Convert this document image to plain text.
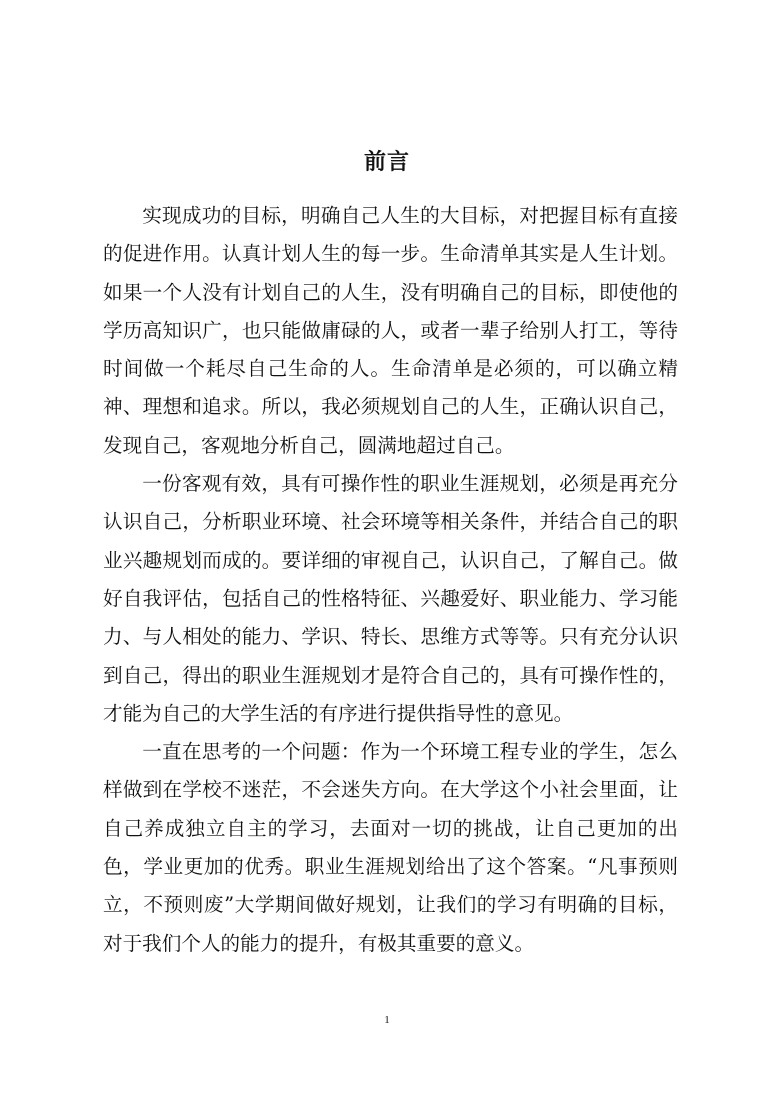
前言

实现成功的目标，明确自己人生的大目标，对把握目标有直接的促进作用。认真计划人生的每一步。生命清单其实是人生计划。如果一个人没有计划自己的人生，没有明确自己的目标，即使他的学历高知识广，也只能做庸碌的人，或者一辈子给别人打工，等待时间做一个耗尽自己生命的人。生命清单是必须的，可以确立精神、理想和追求。所以，我必须规划自己的人生，正确认识自己，发现自己，客观地分析自己，圆满地超过自己。

一份客观有效，具有可操作性的职业生涯规划，必须是再充分认识自己，分析职业环境、社会环境等相关条件，并结合自己的职业兴趣规划而成的。要详细的审视自己，认识自己，了解自己。做好自我评估，包括自己的性格特征、兴趣爱好、职业能力、学习能力、与人相处的能力、学识、特长、思维方式等等。只有充分认识到自己，得出的职业生涯规划才是符合自己的，具有可操作性的，才能为自己的大学生活的有序进行提供指导性的意见。

一直在思考的一个问题：作为一个环境工程专业的学生，怎么样做到在学校不迷茫，不会迷失方向。在大学这个小社会里面，让自己养成独立自主的学习，去面对一切的挑战，让自己更加的出色，学业更加的优秀。职业生涯规划给出了这个答案。“凡事预则立，不预则废”大学期间做好规划，让我们的学习有明确的目标，对于我们个人的能力的提升，有极其重要的意义。

1
